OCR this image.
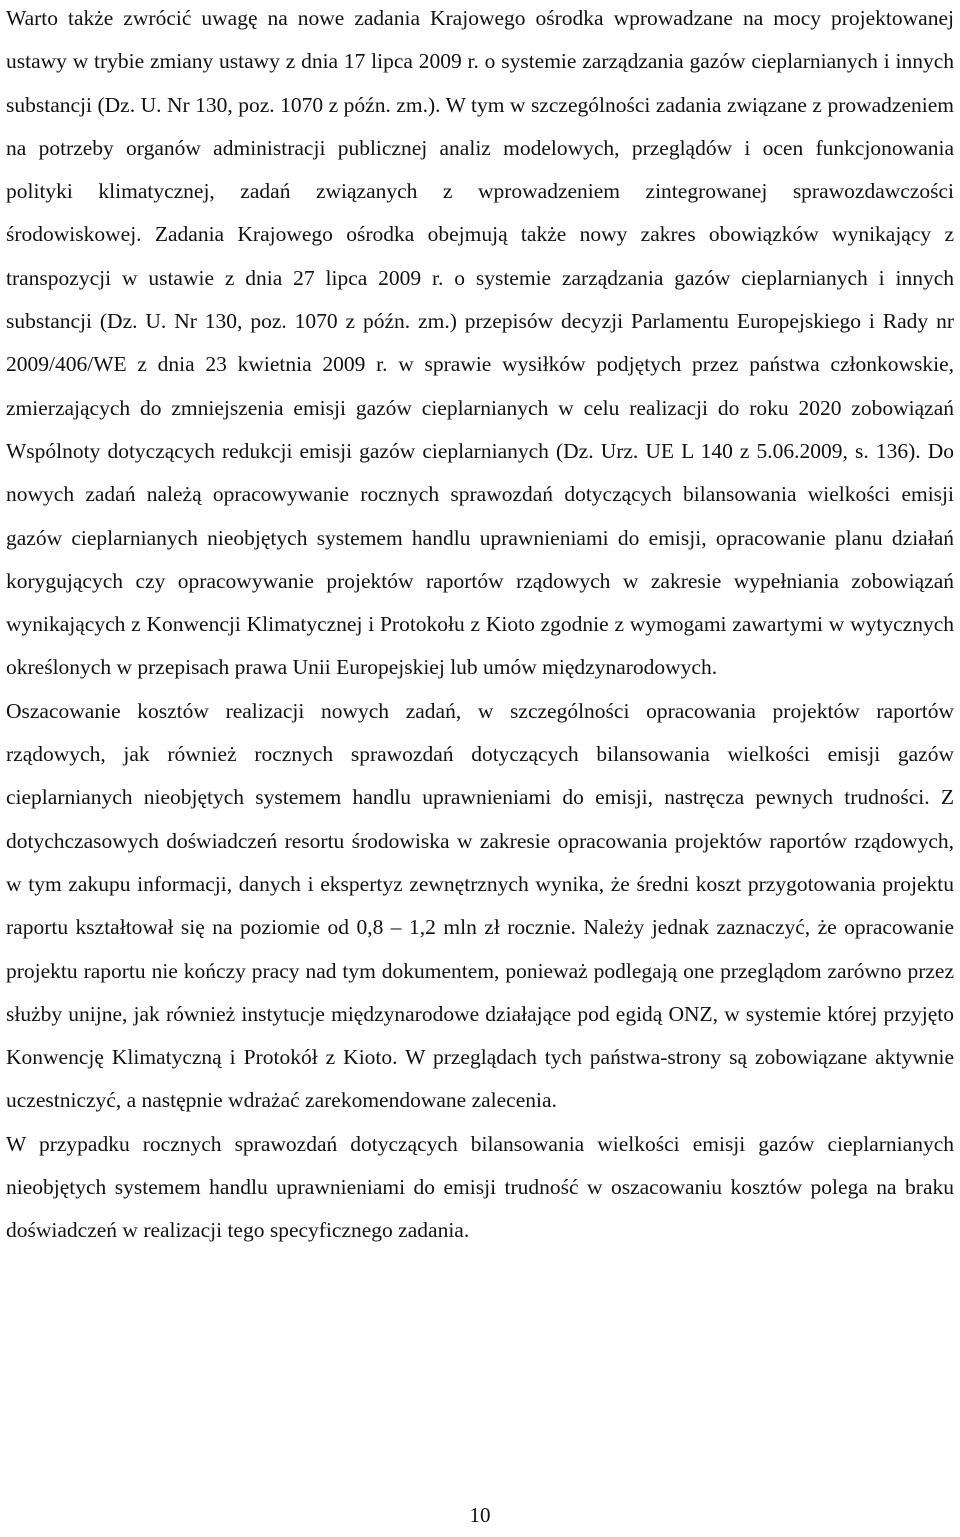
Warto także zwrócić uwagę na nowe zadania Krajowego ośrodka wprowadzane na mocy projektowanej ustawy w trybie zmiany ustawy z dnia 17 lipca 2009 r. o systemie zarządzania gazów cieplarnianych i innych substancji (Dz. U. Nr 130, poz. 1070 z późn. zm.). W tym w szczególności zadania związane z prowadzeniem na potrzeby organów administracji publicznej analiz modelowych, przeglądów i ocen funkcjonowania polityki klimatycznej, zadań związanych z wprowadzeniem zintegrowanej sprawozdawczości środowiskowej. Zadania Krajowego ośrodka obejmują także nowy zakres obowiązków wynikający z transpozycji w ustawie z dnia 27 lipca 2009 r. o systemie zarządzania gazów cieplarnianych i innych substancji (Dz. U. Nr 130, poz. 1070 z późn. zm.) przepisów decyzji Parlamentu Europejskiego i Rady nr 2009/406/WE z dnia 23 kwietnia 2009 r. w sprawie wysiłków podjętych przez państwa członkowskie, zmierzających do zmniejszenia emisji gazów cieplarnianych w celu realizacji do roku 2020 zobowiązań Wspólnoty dotyczących redukcji emisji gazów cieplarnianych (Dz. Urz. UE L 140 z 5.06.2009, s. 136). Do nowych zadań należą opracowywanie rocznych sprawozdań dotyczących bilansowania wielkości emisji gazów cieplarnianych nieobjętych systemem handlu uprawnieniami do emisji, opracowanie planu działań korygujących czy opracowywanie projektów raportów rządowych w zakresie wypełniania zobowiązań wynikających z Konwencji Klimatycznej i Protokołu z Kioto zgodnie z wymogami zawartymi w wytycznych określonych w przepisach prawa Unii Europejskiej lub umów międzynarodowych.

Oszacowanie kosztów realizacji nowych zadań, w szczególności opracowania projektów raportów rządowych, jak również rocznych sprawozdań dotyczących bilansowania wielkości emisji gazów cieplarnianych nieobjętych systemem handlu uprawnieniami do emisji, nastręcza pewnych trudności. Z dotychczasowych doświadczeń resortu środowiska w zakresie opracowania projektów raportów rządowych, w tym zakupu informacji, danych i ekspertyz zewnętrznych wynika, że średni koszt przygotowania projektu raportu kształtował się na poziomie od 0,8 – 1,2 mln zł rocznie. Należy jednak zaznaczyć, że opracowanie projektu raportu nie kończy pracy nad tym dokumentem, ponieważ podlegają one przeglądom zarówno przez służby unijne, jak również instytucje międzynarodowe działające pod egidą ONZ, w systemie której przyjęto Konwencję Klimatyczną i Protokół z Kioto. W przeglądach tych państwa-strony są zobowiązane aktywnie uczestniczyć, a następnie wdrażać zarekomendowane zalecenia.

W przypadku rocznych sprawozdań dotyczących bilansowania wielkości emisji gazów cieplarnianych nieobjętych systemem handlu uprawnieniami do emisji trudność w oszacowaniu kosztów polega na braku doświadczeń w realizacji tego specyficznego zadania.

10
